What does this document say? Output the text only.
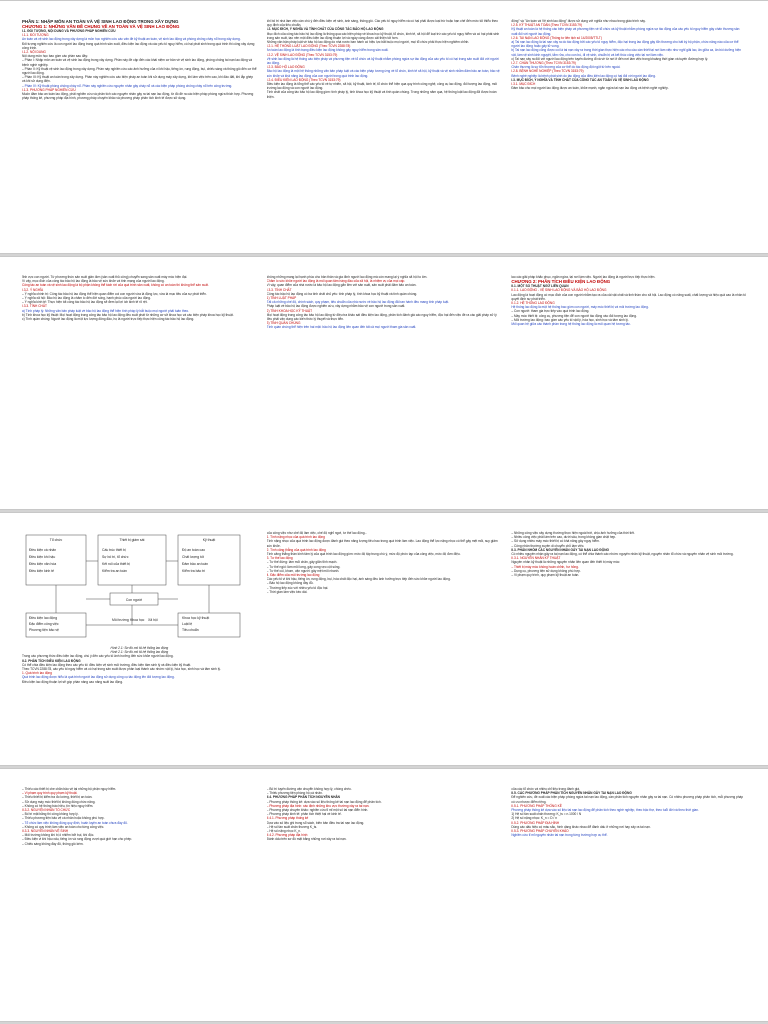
PHẦN 1: NHẬP MÔN AN TOÀN VÀ VỆ SINH LAO ĐỘNG TRONG XÂY DỰNG

CHƯƠNG 1: NHỮNG VẤN ĐỀ CHUNG VỀ AN TOÀN VÀ VỆ SINH LAO ĐỘNG

I.1. ĐỐI TƯỢNG, NỘI DUNG VÀ PHƯƠNG PHÁP NGHIÊN CỨU

I.1.1. ĐỐI TƯỢNG

An toàn và vệ sinh lao động trong xây dựng là môn học nghiên cứu các vấn đề kỹ thuật an toàn, vệ sinh lao động và phòng chống cháy nổ trong xây dựng.

Đối tượng nghiên cứu là con người lao động trong quá trình sản xuất, điều kiện lao động và các yếu tố nguy hiểm, có hại phát sinh trong quá trình thi công xây dựng công trình.

I.1.2. NỘI DUNG

Nội dung môn học bao gồm các phần sau đây:

– Phần I: Nhập môn an toàn và vệ sinh lao động trong xây dựng. Phần này đề cập đến các khái niệm cơ bản về vệ sinh lao động, phòng chống tai nạn lao động và bệnh nghề nghiệp.

– Phần II: Kỹ thuật vệ sinh lao động trong xây dựng. Phần này nghiên cứu các ảnh hưởng của vi khí hậu, tiếng ồn, rung động, bụi, chiếu sáng và thông gió đến cơ thể người lao động.

– Phần III: Kỹ thuật an toàn trong xây dựng. Phần này nghiên cứu các biện pháp an toàn khi sử dụng máy xây dựng, khi làm việc trên cao, khi đào đất, khi lắp ghép và khi sử dụng điện.

– Phần IV: Kỹ thuật phòng chống cháy nổ. Phần này nghiên cứu nguyên nhân gây cháy nổ và các biện pháp phòng chống cháy nổ trên công trường.

I.1.3. PHƯƠNG PHÁP NGHIÊN CỨU

Muốn đảm bảo an toàn lao động, phải nghiên cứu và phân tích các nguyên nhân gây ra tai nạn lao động, từ đó đề ra các biện pháp phòng ngừa thích hợp. Phương pháp thống kê, phương pháp địa hình, phương pháp chuyên khảo và phương pháp phân tích kinh tế được sử dụng.

khi bố trí nhà làm việc cần chú ý đến điều kiện vệ sinh, ánh sáng, thông gió. Các yếu tố nguy hiểm và có hại phải được loại trừ hoặc hạn chế đến mức tối thiểu theo quy định của tiêu chuẩn.

I.2. MỤC ĐÍCH, Ý NGHĨA VÀ TÍNH CHẤT CỦA CÔNG TÁC BẢO HỘ LAO ĐỘNG

Mục đích của công tác bảo hộ lao động là thông qua các biện pháp về khoa học kỹ thuật, tổ chức, kinh tế, xã hội để loại trừ các yếu tố nguy hiểm và có hại phát sinh trong sản xuất, tạo nên một điều kiện lao động thuận lợi và ngày càng được cải thiện tốt hơn.

Những văn bản pháp luật về bảo hộ lao động do nhà nước ban hành có hiệu lực bắt buộc mọi người, mọi tổ chức phải thực hiện nghiêm chỉnh.

I.2.1. HỆ THỐNG LUẬT LAO ĐỘNG (Theo TCVN 2288:78)

An toàn lao động là tình trạng điều kiện lao động không gây nguy hiểm trong sản xuất.

I.2.2. VỆ SINH LAO ĐỘNG (Theo TCVN 3153:79)

Vệ sinh lao động là hệ thống các biện pháp và phương tiện về tổ chức và kỹ thuật nhằm phòng ngừa sự tác động của các yếu tố có hại trong sản xuất đối với người lao động.

I.2.3. BẢO HỘ LAO ĐỘNG

Bảo hộ lao động là một hệ thống những văn bản pháp luật và các biện pháp tương ứng về tổ chức, kinh tế xã hội, kỹ thuật và vệ sinh nhằm đảm bảo an toàn, bảo vệ sức khỏe và khả năng lao động của con người trong quá trình lao động.

I.2.4. ĐIỀU KIỆN LAO ĐỘNG (Theo TCVN 3153:79)

Điều kiện lao động là tổng thể các yếu tố về tự nhiên, xã hội, kỹ thuật, kinh tế, tổ chức thể hiện qua quy trình công nghệ, công cụ lao động, đối tượng lao động, môi trường lao động và con người lao động.

Tính chất của công tác bảo hộ lao động gồm: tính pháp lý, tính khoa học kỹ thuật và tính quần chúng. Trong những năm qua, hệ thống luật lao động đã được hoàn thiện.

động" và "An toàn và Vệ sinh lao động" được sử dụng với nghĩa như nhau trong giáo trình này.

I.2.5. KỸ THUẬT AN TOÀN (Theo TCVN 3153:79)

Kỹ thuật an toàn là hệ thống các biện pháp và phương tiện về tổ chức và kỹ thuật nhằm phòng ngừa sự tác động của các yếu tố nguy hiểm gây chấn thương sản xuất đối với người lao động.

I.2.6. TAI NẠN LAO ĐỘNG (Thông tư liên tịch số 14/2005/TTLT)

a) Tai nạn lao động là tai nạn xảy ra do tác động bởi các yếu tố nguy hiểm, độc hại trong lao động gây tổn thương cho bất kỳ bộ phận, chức năng nào của cơ thể người lao động hoặc gây tử vong.

b) Tai nạn lao động cũng được coi là tai nạn xảy ra trong thời gian thực hiện các nhu cầu cần thiết tại nơi làm việc như nghỉ giải lao, ăn giữa ca, ăn bồi dưỡng hiện vật, làm vệ sinh kinh nguyệt, tắm rửa, cho con bú, đi vệ sinh, chuẩn bị và kết thúc công việc tại nơi làm việc.

c) Tai nạn xảy ra đối với người lao động trên tuyến đường đi và về từ nơi ở đến nơi làm việc trong khoảng thời gian và tuyến đường hợp lý.

I.2.7. CHẤN THƯƠNG (Theo TCVN 3153:79)

Chấn thương là sự tổn thương của cơ thể do tác động đột ngột từ bên ngoài.

I.2.8. BỆNH NGHỀ NGHIỆP (Theo TCVN 3153:79)

Bệnh nghề nghiệp là bệnh phát sinh do tác động của điều kiện lao động có hại đối với người lao động.

I.3. MỤC ĐÍCH, Ý NGHĨA VÀ TÍNH CHẤT CỦA CÔNG TÁC AN TOÀN VÀ VỆ SINH LAO ĐỘNG

I.3.1. MỤC ĐÍCH

Đảm bảo cho mọi người lao động được an toàn, khỏe mạnh, ngăn ngừa tai nạn lao động và bệnh nghề nghiệp.

lĩnh vực con người. Từ phương thức sản xuất giản đơn (sản xuất thủ công) chuyển sang sản xuất máy móc hiện đại.

Vì vậy, mục đích của công tác bảo hộ lao động là bảo vệ sức khỏe và tính mạng của người lao động.

Công tác an toàn và vệ sinh lao động là bộ phận không thể tách rời của quá trình sản xuất, không có an toàn thì không thể sản xuất.

I.3.2. Ý NGHĨA

– Ý nghĩa chính trị: Công tác bảo hộ lao động thể hiện quan điểm coi con người vừa là động lực, vừa là mục tiêu của sự phát triển.

– Ý nghĩa xã hội: Bảo hộ lao động là chăm lo đến đời sống, hạnh phúc của người lao động.

– Ý nghĩa kinh tế: Thực hiện tốt công tác bảo hộ lao động sẽ đem lại lợi ích kinh tế rõ rệt.

I.3.3. TÍNH CHẤT

a) Tính pháp lý: Những văn bản pháp luật về bảo hộ lao động thể hiện tính pháp lý bắt buộc mọi người phải tuân theo.

b) Tính khoa học kỹ thuật: Mọi hoạt động trong công tác bảo hộ lao động đều xuất phát từ những cơ sở khoa học và các biện pháp khoa học kỹ thuật.

c) Tính quần chúng: Người lao động là một lực lượng đông đảo, họ là người trực tiếp thực hiện công tác bảo hộ lao động.

không những mang lại hạnh phúc cho bản thân và gia đình người lao động mà còn mang lại ý nghĩa xã hội to lớn.

Chăm lo sức khỏe người lao động là mối quan tâm hàng đầu của xã hội, là nhiệm vụ của mọi cấp.

Vì vậy, quan điểm của nhà nước là bảo hộ lao động gắn liền với sản xuất, sản xuất phải đảm bảo an toàn.

I.3.3. TÍNH CHẤT

Công tác bảo hộ lao động có ba tính chất chủ yếu: tính pháp lý, tính khoa học kỹ thuật và tính quần chúng.

1) TÍNH LUẬT PHÁP

Tất cả những chế độ, chính sách, quy phạm, tiêu chuẩn của nhà nước về bảo hộ lao động đã ban hành đều mang tính pháp luật.

Pháp luật về bảo hộ lao động được nghiên cứu, xây dựng nhằm bảo vệ con người trong sản xuất.

2) TÍNH KHOA HỌC KỸ THUẬT

Mọi hoạt động trong công tác bảo hộ lao động từ điều tra khảo sát điều kiện lao động, phân tích đánh giá các nguy hiểm, độc hại đến việc đề ra các giải pháp xử lý đều phải vận dụng các kiến thức lý thuyết và thực tiễn.

3) TÍNH QUẦN CHÚNG

Tính quần chúng thể hiện trên hai mặt: bảo hộ lao động liên quan đến tất cả mọi người tham gia sản xuất.

lao các giải pháp khắc phục, ngăn ngừa, tại nơi làm việc. Người lao động là người trực tiếp thực hiện.

CHƯƠNG 2: PHÂN TÍCH ĐIỀU KIỆN LAO ĐỘNG

II.1. MỘT SỐ THUẬT NGỮ LIÊN QUAN

II.1.1. LAO ĐỘNG - VỆ SINH LAO ĐỘNG VÀ BẢO HỘ LAO ĐỘNG

Lao động là hoạt động có mục đích của con người nhằm tạo ra của cải vật chất và tinh thần cho xã hội. Lao động có năng suất, chất lượng và hiệu quả cao là nhân tố quyết định sự phát triển.

II.1.2. HỆ THỐNG LAO ĐỘNG

Hệ thống lao động là một hệ thống bao gồm con người, máy móc thiết bị và môi trường lao động.

– Con người: tham gia trực tiếp vào quá trình lao động.

– Máy móc thiết bị: công cụ, phương tiện để con người tác động vào đối tượng lao động.

– Môi trường lao động: bao gồm các yếu tố vật lý, hóa học, sinh học và tâm sinh lý.

Mối quan hệ giữa các thành phần trong hệ thống lao động là mối quan hệ tương tác.

Tổ chức	Thiết bị giám sát	Kỹ thuật
Điều kiện cá nhân
Điều kiện khí hậu
Điều kiện văn hóa
Điều kiện kinh tế
Cấu trúc thiết bị
Sự bố trí, tổ chức
Kết nối của thiết bị
Kiểm tra an toàn
Độ an toàn cao
Chất lượng tốt
Đảm bảo an toàn
Kiểm tra bảo trì
Con người
Điều kiện lao động
Đặc điểm công việc
Phương tiện bảo vệ
Môi trường Khoa học Xã hội	Khoa học kỹ thuật
Luật lệ
Tiêu chuẩn

Hình 2.1: Sơ đồ mô tả hệ thống lao động

Hình 2.1: Sơ đồ mô tả hệ thống lao động

Trong các phương thức điều kiện lao động, chú ý đến các yếu tố ảnh hưởng đến sức khỏe người lao động.

II.2. PHÂN TÍCH ĐIỀU KIỆN LAO ĐỘNG

Có thể chia điều kiện lao động theo các yếu tố: điều kiện vệ sinh môi trường, điều kiện tâm sinh lý và điều kiện kỹ thuật.

Theo TCVN 2288:78, các yếu tố nguy hiểm và có hại trong sản xuất được phân loại thành các nhóm: vật lý, hóa học, sinh học và tâm sinh lý.

1. Quá trình lao động

Quá trình lao động được hiểu là quá trình người lao động sử dụng công cụ tác động lên đối tượng lao động.

Điều kiện lao động thuận lợi sẽ góp phần nâng cao năng suất lao động.

của công việc như chế độ làm việc, chế độ nghỉ ngơi, tư thế lao động...

1. Tính nặng nhọc của quá trình lao động

Tính nặng nhọc của quá trình lao động được đánh giá theo năng lượng tiêu hao trong quá trình làm việc. Lao động thể lực nặng nhọc có thể gây mệt mỏi, suy giảm sức khỏe.

2. Tính căng thẳng của quá trình lao động

Tính căng thẳng thần kinh tâm lý của quá trình lao động gồm: mức độ tập trung chú ý, mức độ phức tạp của công việc, mức độ đơn điệu.

3. Tư thế lao động

– Tư thế đứng: làm mỏi chân, gây giãn tĩnh mạch.

– Tư thế ngồi: làm mỏi lưng, gây cong vẹo cột sống.

– Tư thế cúi, khom, vặn người: gây mệt mỏi nhanh.

4. Đặc điểm của môi trường lao động

Các yếu tố vi khí hậu, tiếng ồn, rung động, bụi, hóa chất độc hại, ánh sáng đều ảnh hưởng trực tiếp đến sức khỏe người lao động.

– Bảo hộ lao động không đầy đủ.

– Thường tiếp xúc với nhiều yếu tố độc hại.

– Thời gian làm việc kéo dài.

– Những công việc xây dựng thường thực hiện ngoài trời, chịu ảnh hưởng của thời tiết.

– Nhiều công việc phải làm trên cao, dưới sâu, trong không gian chật hẹp.

– Sử dụng nhiều máy móc thiết bị có khả năng gây nguy hiểm.

– Công nhân thường xuyên di chuyển chỗ làm việc.

II.3. PHÂN NHÓM CÁC NGUYÊN NHÂN GÂY TAI NẠN LAO ĐỘNG

Có nhiều nguyên nhân gây ra tai nạn lao động, có thể chia thành các nhóm: nguyên nhân kỹ thuật, nguyên nhân tổ chức và nguyên nhân vệ sinh môi trường.

II.3.1. NGUYÊN NHÂN KỸ THUẬT

Nguyên nhân kỹ thuật là những nguyên nhân liên quan đến thiết bị máy móc:

– Thiết bị máy móc không hoàn chỉnh, hư hỏng.

– Dụng cụ, phương tiện sử dụng không phù hợp.

– Vi phạm quy trình, quy phạm kỹ thuật an toàn.

– Thiếu các thiết bị che chắn bảo vệ tại những bộ phận nguy hiểm.

– Vi phạm quy trình quy phạm kỹ thuật.

– Thiếu thiết bị kiểm tra đo lường, thiết bị an toàn.

– Sử dụng máy móc thiết bị không đúng chức năng.

– Không có hệ thống báo hiệu, tín hiệu nguy hiểm.

II.3.2. NGUYÊN NHÂN TỔ CHỨC

– Bố trí mặt bằng thi công không hợp lý.

– Thiếu phương tiện bảo vệ cá nhân hoặc không phù hợp.

– Tổ chức làm việc không đúng quy định, huấn luyện an toàn chưa đầy đủ.

– Không có quy trình làm việc an toàn cho từng công việc.

II.3.3. NGUYÊN NHÂN VỆ SINH

– Môi trường không khí bị ô nhiễm bởi bụi, khí độc.

– Điều kiện vi khí hậu xấu, tiếng ồn và rung động vượt quá giới hạn cho phép.

– Chiếu sáng không đầy đủ, thông gió kém.

– Bố trí tuyến đường vận chuyển không hợp lý, chồng chéo.

– Thiếu phương tiện phòng hộ cá nhân.

II.4. PHƯƠNG PHÁP PHÂN TÍCH NGUYÊN NHÂN

– Phương pháp thống kê: dựa vào số liệu thống kê tai nạn lao động để phân tích.

– Phương pháp địa hình: xác định những khu vực thường xảy ra tai nạn.

– Phương pháp chuyên khảo: nghiên cứu tỉ mỉ một số tai nạn điển hình.

– Phương pháp kinh tế: phân tích thiệt hại về kinh tế.

II.4.1. Phương pháp thống kê

Dựa vào số liệu ghi trong sổ sách, biên bản điều tra tai nạn lao động.

– Hệ số tần suất chấn thương K_ts.

– Hệ số nặng nhọc K_n.

II.4.2. Phương pháp địa hình

Đánh dấu trên sơ đồ mặt bằng những nơi xảy ra tai nạn.

của các tổ chức và nhiều chỉ tiêu trong đánh giá.

II.5. CÁC PHƯƠNG PHÁP PHÂN TÍCH NGUYÊN NHÂN GÂY TAI NẠN LAO ĐỘNG

Để nghiên cứu, đề xuất các biện pháp phòng ngừa tai nạn lao động, cần phân tích nguyên nhân gây ra tai nạn. Có nhiều phương pháp phân tích, mỗi phương pháp có ưu nhược điểm riêng.

II.5.1. PHƯƠNG PHÁP THỐNG KÊ

Phương pháp thống kê dựa vào số liệu tai nạn lao động để phân tích theo nghề nghiệp, theo bậc thợ, theo tuổi đời và theo thời gian.

1) Hệ số tần suất chấn thương: K_ts = n.1000 / N

2) Hệ số nặng nhọc: K_n = D / n

II.5.2. PHƯƠNG PHÁP ĐỊA HÌNH

Dùng các dấu hiệu có màu sắc, hình dáng khác nhau để đánh dấu ở những nơi hay xảy ra tai nạn.

II.5.3. PHƯƠNG PHÁP CHUYÊN KHẢO

Nghiên cứu tỉ mỉ nguyên nhân tai nạn trong từng trường hợp cụ thể.
